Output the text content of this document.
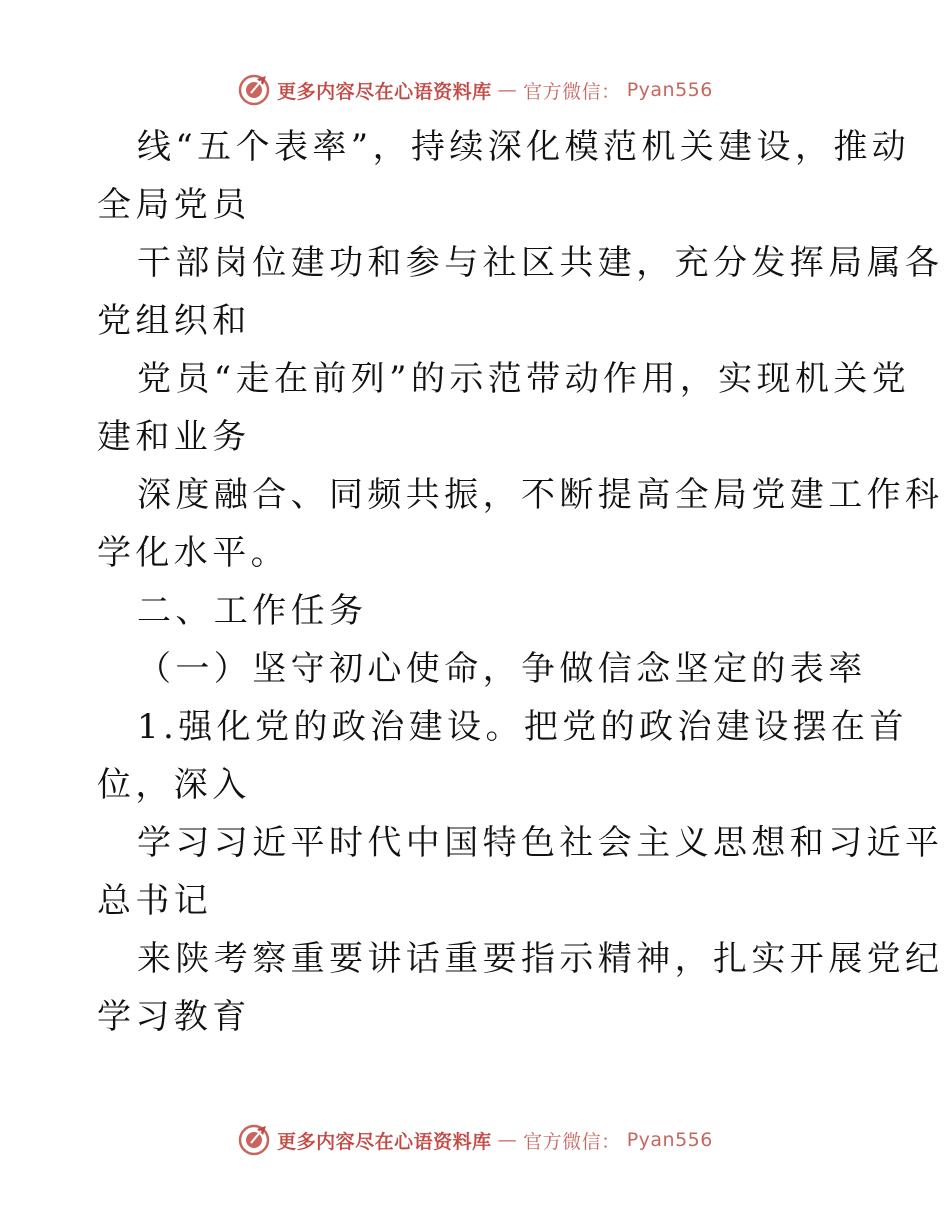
更多内容尽在心语资料库 — 官方微信： Pyan556
线“五个表率”，持续深化模范机关建设，推动
全局党员
干部岗位建功和参与社区共建，充分发挥局属各
党组织和
党员“走在前列”的示范带动作用，实现机关党
建和业务
深度融合、同频共振，不断提高全局党建工作科
学化水平。
二、工作任务
（一）坚守初心使命，争做信念坚定的表率
1.强化党的政治建设。把党的政治建设摆在首
位，深入
学习习近平时代中国特色社会主义思想和习近平
总书记
来陕考察重要讲话重要指示精神，扎实开展党纪
学习教育
更多内容尽在心语资料库 — 官方微信： Pyan556
